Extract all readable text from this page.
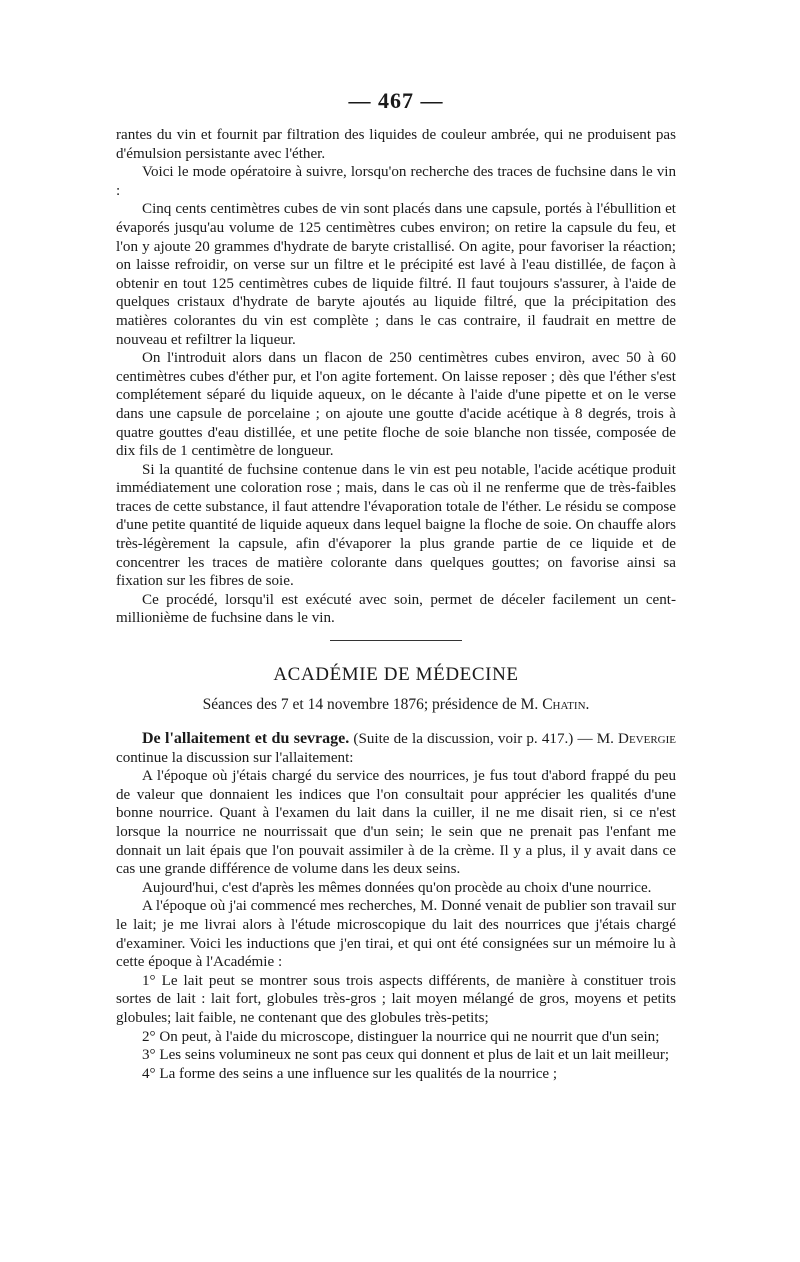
— 467 —

rantes du vin et fournit par filtration des liquides de couleur ambrée, qui ne produisent pas d'émulsion persistante avec l'éther.

Voici le mode opératoire à suivre, lorsqu'on recherche des traces de fuchsine dans le vin :

Cinq cents centimètres cubes de vin sont placés dans une capsule, portés à l'ébullition et évaporés jusqu'au volume de 125 centimètres cubes environ; on retire la capsule du feu, et l'on y ajoute 20 grammes d'hydrate de baryte cristallisé. On agite, pour favoriser la réaction; on laisse refroidir, on verse sur un filtre et le précipité est lavé à l'eau distillée, de façon à obtenir en tout 125 centimètres cubes de liquide filtré. Il faut toujours s'assurer, à l'aide de quelques cristaux d'hydrate de baryte ajoutés au liquide filtré, que la précipitation des matières colorantes du vin est complète ; dans le cas contraire, il faudrait en mettre de nouveau et refiltrer la liqueur.

On l'introduit alors dans un flacon de 250 centimètres cubes environ, avec 50 à 60 centimètres cubes d'éther pur, et l'on agite fortement. On laisse reposer ; dès que l'éther s'est complétement séparé du liquide aqueux, on le décante à l'aide d'une pipette et on le verse dans une capsule de porcelaine ; on ajoute une goutte d'acide acétique à 8 degrés, trois à quatre gouttes d'eau distillée, et une petite floche de soie blanche non tissée, composée de dix fils de 1 centimètre de longueur.

Si la quantité de fuchsine contenue dans le vin est peu notable, l'acide acétique produit immédiatement une coloration rose ; mais, dans le cas où il ne renferme que de très-faibles traces de cette substance, il faut attendre l'évaporation totale de l'éther. Le résidu se compose d'une petite quantité de liquide aqueux dans lequel baigne la floche de soie. On chauffe alors très-légèrement la capsule, afin d'évaporer la plus grande partie de ce liquide et de concentrer les traces de matière colorante dans quelques gouttes; on favorise ainsi sa fixation sur les fibres de soie.

Ce procédé, lorsqu'il est exécuté avec soin, permet de déceler facilement un cent-millionième de fuchsine dans le vin.

ACADÉMIE DE MÉDECINE
Séances des 7 et 14 novembre 1876; présidence de M. Chatin.

De l'allaitement et du sevrage. (Suite de la discussion, voir p. 417.) — M. Devergie continue la discussion sur l'allaitement:

A l'époque où j'étais chargé du service des nourrices, je fus tout d'abord frappé du peu de valeur que donnaient les indices que l'on consultait pour apprécier les qualités d'une bonne nourrice. Quant à l'examen du lait dans la cuiller, il ne me disait rien, si ce n'est lorsque la nourrice ne nourrissait que d'un sein; le sein que ne prenait pas l'enfant me donnait un lait épais que l'on pouvait assimiler à de la crème. Il y a plus, il y avait dans ce cas une grande différence de volume dans les deux seins.

Aujourd'hui, c'est d'après les mêmes données qu'on procède au choix d'une nourrice.

A l'époque où j'ai commencé mes recherches, M. Donné venait de publier son travail sur le lait; je me livrai alors à l'étude microscopique du lait des nourrices que j'étais chargé d'examiner. Voici les inductions que j'en tirai, et qui ont été consignées sur un mémoire lu à cette époque à l'Académie :

1° Le lait peut se montrer sous trois aspects différents, de manière à constituer trois sortes de lait : lait fort, globules très-gros ; lait moyen mélangé de gros, moyens et petits globules; lait faible, ne contenant que des globules très-petits;

2° On peut, à l'aide du microscope, distinguer la nourrice qui ne nourrit que d'un sein;

3° Les seins volumineux ne sont pas ceux qui donnent et plus de lait et un lait meilleur;

4° La forme des seins a une influence sur les qualités de la nourrice ;
